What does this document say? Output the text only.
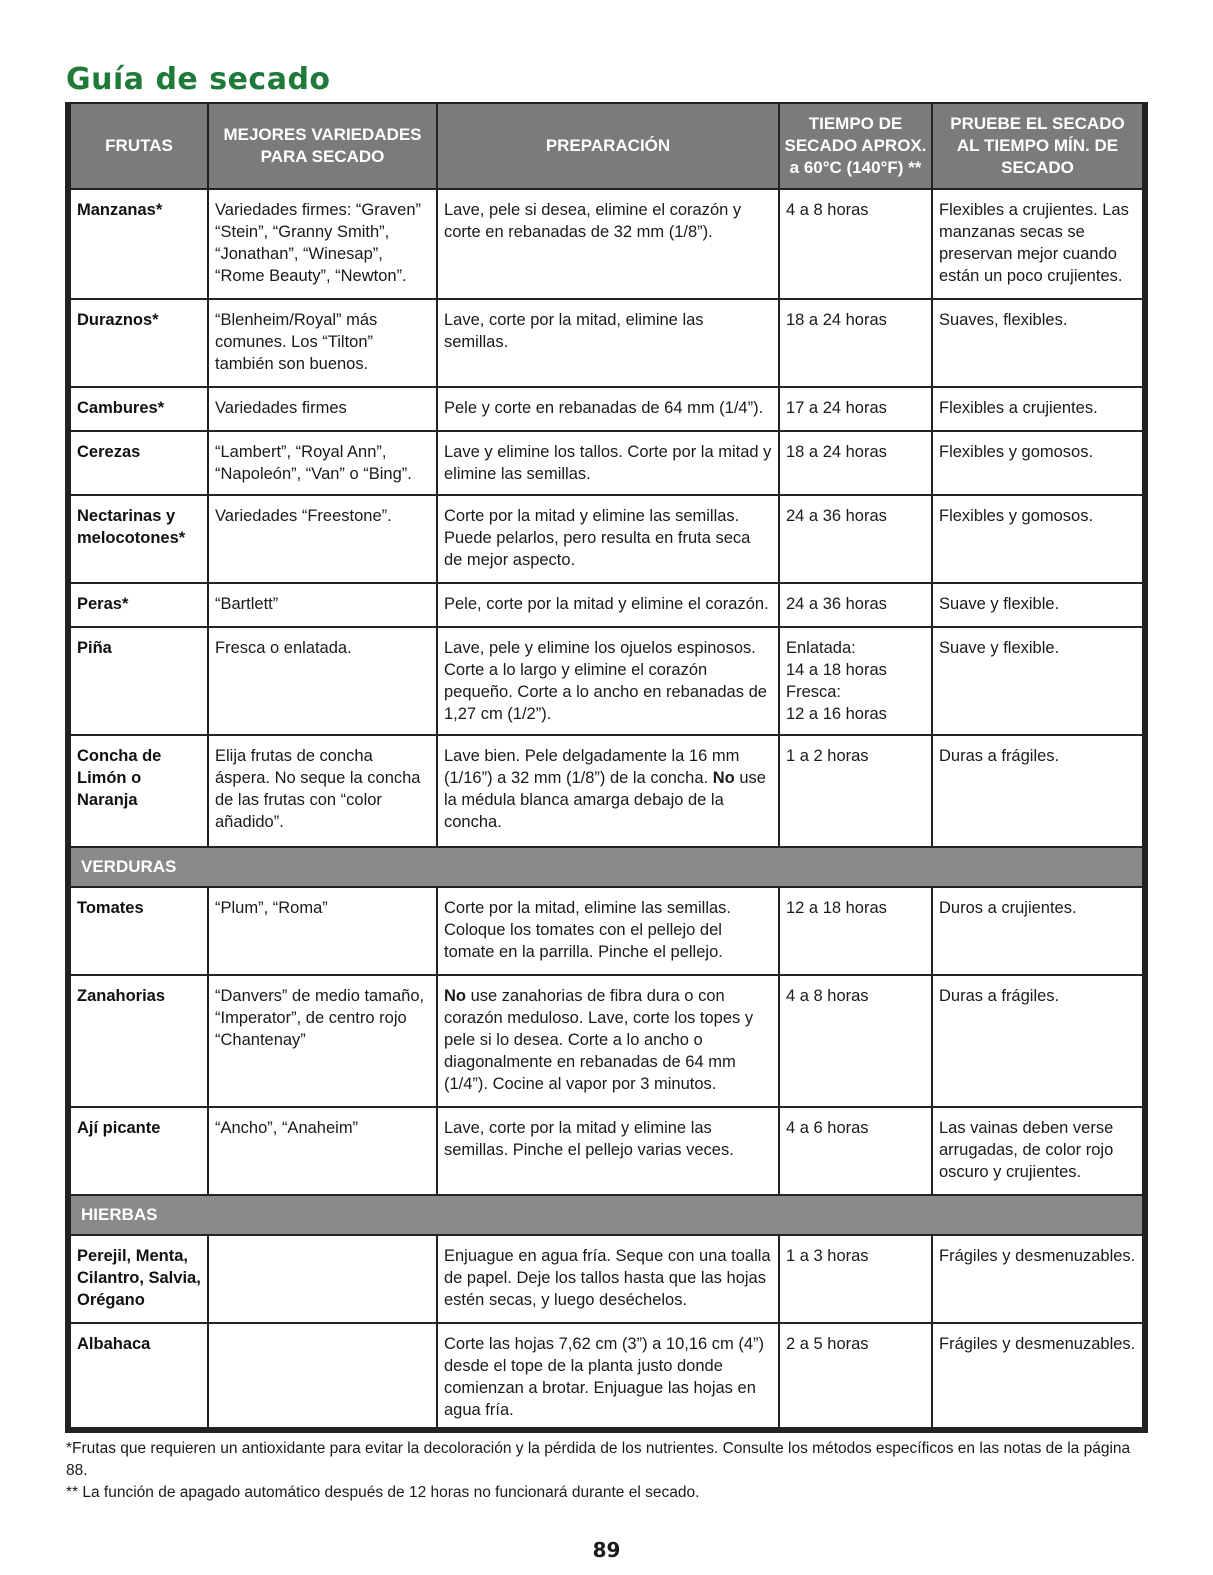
Guía de secado
FRUTAS	MEJORES VARIEDADES PARA SECADO	PREPARACIÓN	TIEMPO DE SECADO APROX. a 60°C (140°F) **	PRUEBE EL SECADO AL TIEMPO MÍN. DE SECADO
Manzanas*	Variedades firmes: “Graven” “Stein”, “Granny Smith”, “Jonathan”, “Winesap”, “Rome Beauty”, “Newton”.	Lave, pele si desea, elimine el corazón y corte en rebanadas de 32 mm (1/8”).	4 a 8 horas	Flexibles a crujientes. Las manzanas secas se preservan mejor cuando están un poco crujientes.
Duraznos*	“Blenheim/Royal” más comunes. Los “Tilton” también son buenos.	Lave, corte por la mitad, elimine las semillas.	18 a 24 horas	Suaves, flexibles.
Cambures*	Variedades firmes	Pele y corte en rebanadas de 64 mm (1/4”).	17 a 24 horas	Flexibles a crujientes.
Cerezas	“Lambert”, “Royal Ann”, “Napoleón”, “Van” o “Bing”.	Lave y elimine los tallos. Corte por la mitad y elimine las semillas.	18 a 24 horas	Flexibles y gomosos.
Nectarinas y melocotones*	Variedades “Freestone”.	Corte por la mitad y elimine las semillas. Puede pelarlos, pero resulta en fruta seca de mejor aspecto.	24 a 36 horas	Flexibles y gomosos.
Peras*	“Bartlett”	Pele, corte por la mitad y elimine el corazón.	24 a 36 horas	Suave y flexible.
Piña	Fresca o enlatada.	Lave, pele y elimine los ojuelos espinosos. Corte a lo largo y elimine el corazón pequeño. Corte a lo ancho en rebanadas de 1,27 cm (1/2”).	Enlatada:
14 a 18 horas
Fresca:
12 a 16 horas	Suave y flexible.
Concha de Limón o Naranja	Elija frutas de concha áspera. No seque la concha de las frutas con “color añadido”.	Lave bien. Pele delgadamente la 16 mm (1/16”) a 32 mm (1/8”) de la concha. No use la médula blanca amarga debajo de la concha.	1 a 2 horas	Duras a frágiles.
VERDURAS				
Tomates	“Plum”, “Roma”	Corte por la mitad, elimine las semillas. Coloque los tomates con el pellejo del tomate en la parrilla. Pinche el pellejo.	12 a 18 horas	Duros a crujientes.
Zanahorias	“Danvers” de medio tamaño, “Imperator”, de centro rojo “Chantenay”	No use zanahorias de fibra dura o con corazón meduloso. Lave, corte los topes y pele si lo desea. Corte a lo ancho o diagonalmente en rebanadas de 64 mm (1/4”). Cocine al vapor por 3 minutos.	4 a 8 horas	Duras a frágiles.
Ají picante	“Ancho”, “Anaheim”	Lave, corte por la mitad y elimine las semillas. Pinche el pellejo varias veces.	4 a 6 horas	Las vainas deben verse arrugadas, de color rojo oscuro y crujientes.
HIERBAS				
Perejil, Menta, Cilantro, Salvia, Orégano		Enjuague en agua fría. Seque con una toalla de papel. Deje los tallos hasta que las hojas estén secas, y luego deséchelos.	1 a 3 horas	Frágiles y desmenuzables.
Albahaca		Corte las hojas 7,62 cm (3”) a 10,16 cm (4”) desde el tope de la planta justo donde comienzan a brotar. Enjuague las hojas en agua fría.	2 a 5 horas	Frágiles y desmenuzables.
*Frutas que requieren un antioxidante para evitar la decoloración y la pérdida de los nutrientes. Consulte los métodos específicos en las notas de la página 88.
** La función de apagado automático después de 12 horas no funcionará durante el secado.
89
